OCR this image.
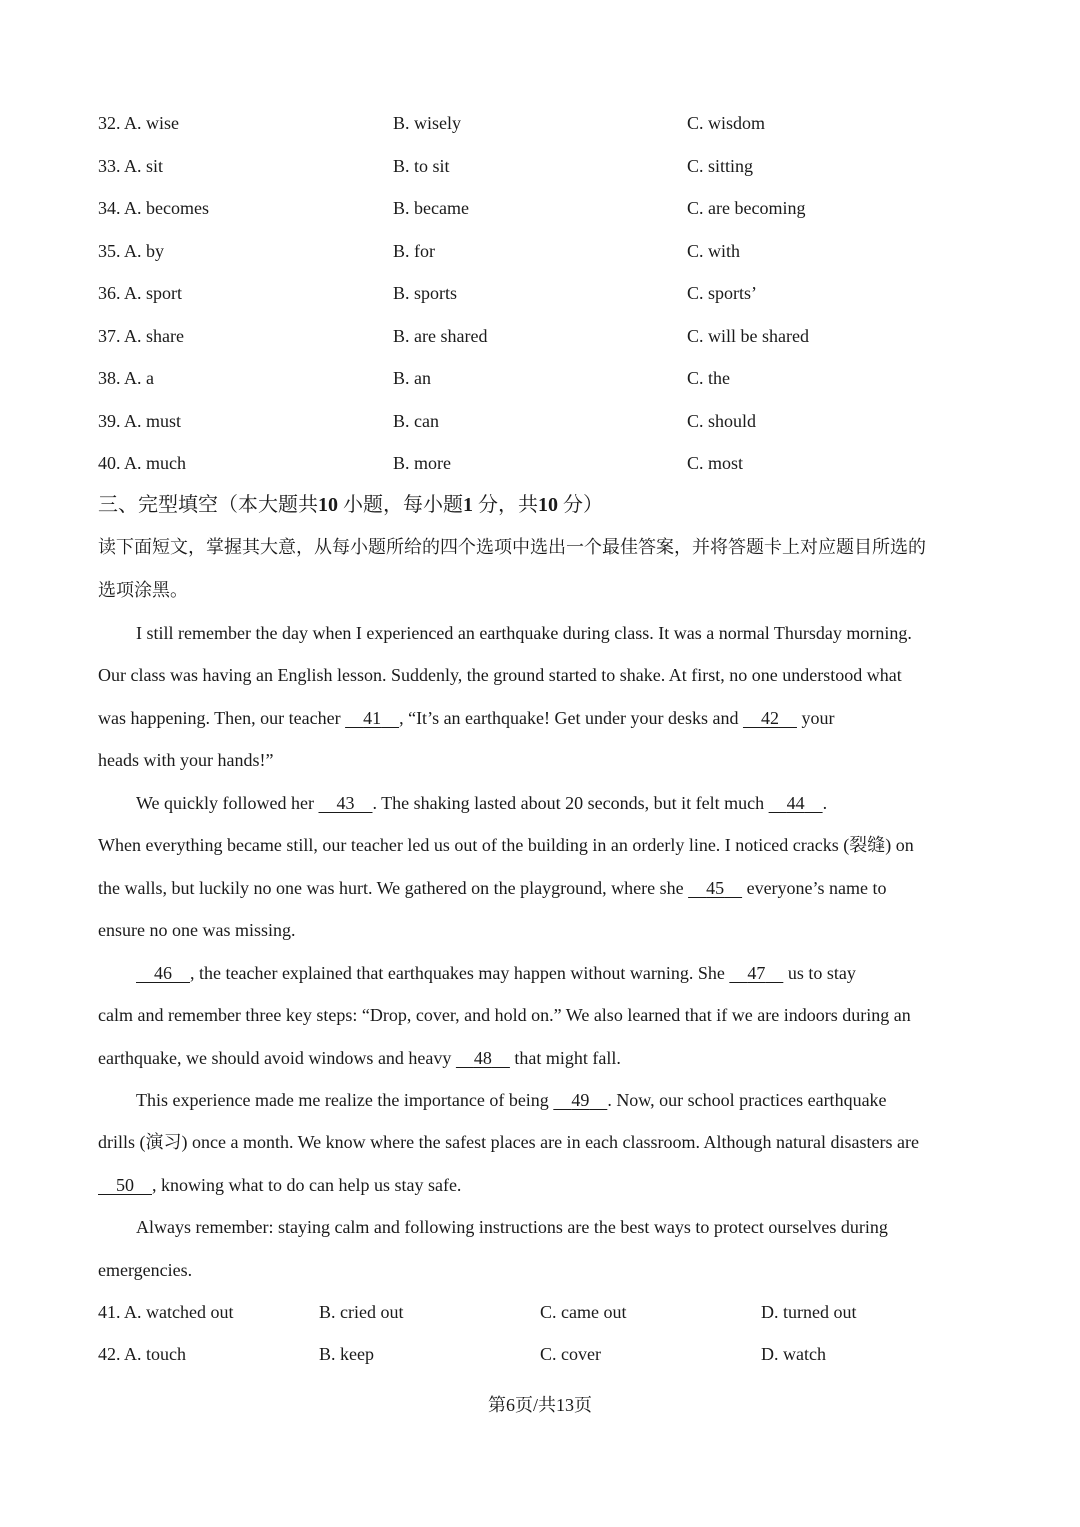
32. A. wise	B. wisely	C. wisdom
33. A. sit	B. to sit	C. sitting
34. A. becomes	B. became	C. are becoming
35. A. by	B. for	C. with
36. A. sport	B. sports	C. sports’
37. A. share	B. are shared	C. will be shared
38. A. a	B. an	C. the
39. A. must	B. can	C. should
40. A. much	B. more	C. most
三、完型填空（本大题共10 小题，每小题1 分，共10 分）
读下面短文，掌握其大意，从每小题所给的四个选项中选出一个最佳答案，并将答题卡上对应题目所选的
选项涂黑。
I still remember the day when I experienced an earthquake during class. It was a normal Thursday morning.
Our class was having an English lesson. Suddenly, the ground started to shake. At first, no one understood what
was happening. Then, our teacher     41 , “It’s an earthquake! Get under your desks and     42     your
heads with your hands!”
We quickly followed her     43 . The shaking lasted about 20 seconds, but it felt much     44 .
When everything became still, our teacher led us out of the building in an orderly line. I noticed cracks (裂缝) on
the walls, but luckily no one was hurt. We gathered on the playground, where she     45     everyone’s name to
ensure no one was missing.
46 , the teacher explained that earthquakes may happen without warning. She     47     us to stay
calm and remember three key steps: “Drop, cover, and hold on.” We also learned that if we are indoors during an
earthquake, we should avoid windows and heavy     48     that might fall.
This experience made me realize the importance of being     49 . Now, our school practices earthquake
drills (演习) once a month. We know where the safest places are in each classroom. Although natural disasters are
50 , knowing what to do can help us stay safe.
Always remember: staying calm and following instructions are the best ways to protect ourselves during
emergencies.
41. A. watched out	B. cried out	C. came out	D. turned out
42. A. touch	B. keep	C. cover	D. watch
第6页/共13页
